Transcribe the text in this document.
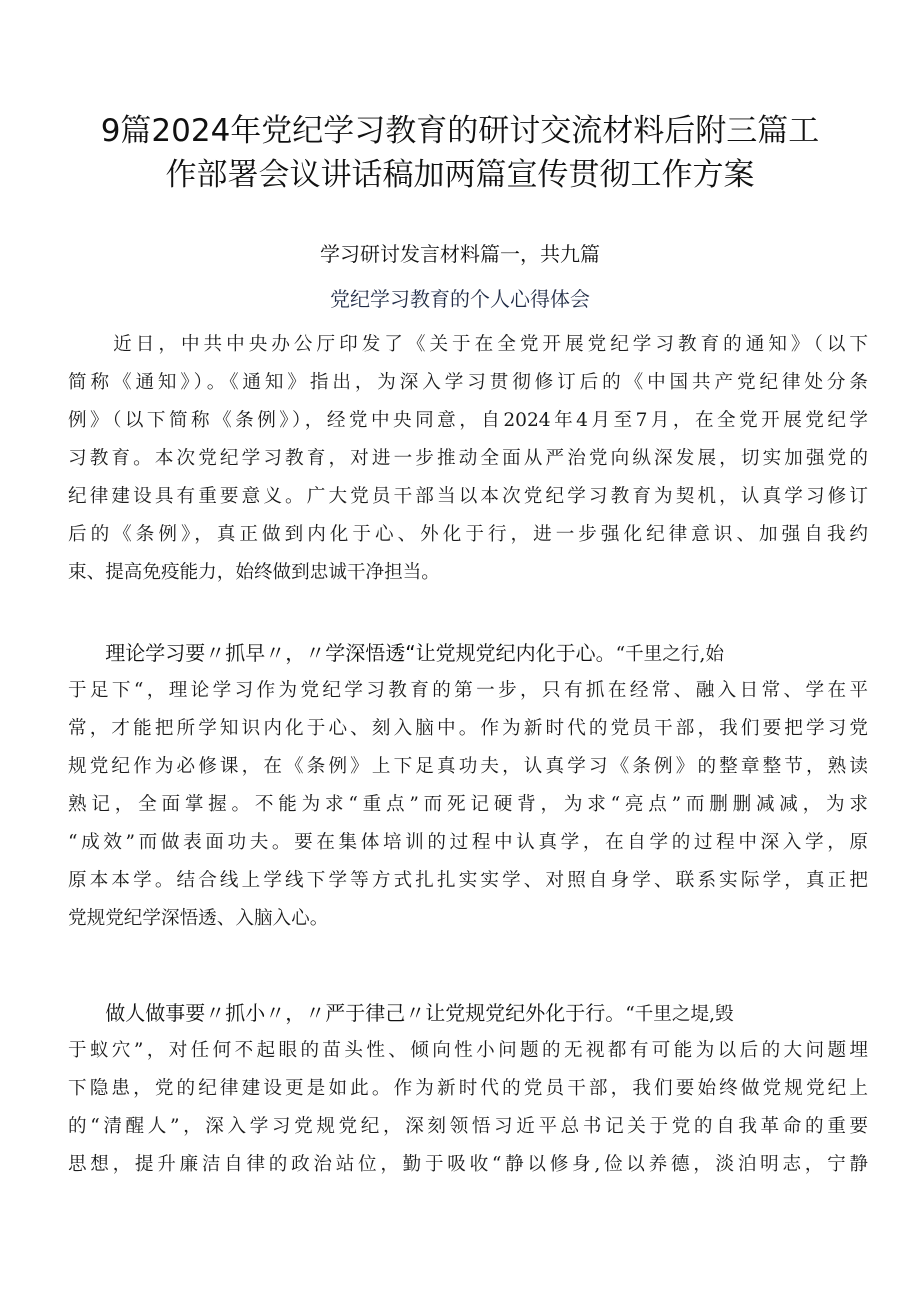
9篇2024年党纪学习教育的研讨交流材料后附三篇工
作部署会议讲话稿加两篇宣传贯彻工作方案
学习研讨发言材料篇一，共九篇
党纪学习教育的个人心得体会
　　近日，中共中央办公厅印发了《关于在全党开展党纪学习教育的通知》（以下
简称《通知》）。《通知》指出，为深入学习贯彻修订后的《中国共产党纪律处分条
例》（以下简称《条例》），经党中央同意，自2024年4月至7月，在全党开展党纪学
习教育。本次党纪学习教育，对进一步推动全面从严治党向纵深发展，切实加强党的
纪律建设具有重要意义。广大党员干部当以本次党纪学习教育为契机，认真学习修订
后的《条例》，真正做到内化于心、外化于行，进一步强化纪律意识、加强自我约
束、提高免疫能力，始终做到忠诚干净担当。
　　理论学习要〃抓早〃，〃学深悟透“让党规党纪内化于心。“千里之行,始
于足下“，理论学习作为党纪学习教育的第一步，只有抓在经常、融入日常、学在平
常，才能把所学知识内化于心、刻入脑中。作为新时代的党员干部，我们要把学习党
规党纪作为必修课，在《条例》上下足真功夫，认真学习《条例》的整章整节，熟读
熟记，全面掌握。不能为求“重点”而死记硬背，为求“亮点”而删删减减，为求
“成效”而做表面功夫。要在集体培训的过程中认真学，在自学的过程中深入学，原
原本本学。结合线上学线下学等方式扎扎实实学、对照自身学、联系实际学，真正把
党规党纪学深悟透、入脑入心。
　　做人做事要〃抓小〃，〃严于律己〃让党规党纪外化于行。“千里之堤,毁
于蚁穴”，对任何不起眼的苗头性、倾向性小问题的无视都有可能为以后的大问题埋
下隐患，党的纪律建设更是如此。作为新时代的党员干部，我们要始终做党规党纪上
的“清醒人”，深入学习党规党纪，深刻领悟习近平总书记关于党的自我革命的重要
思想，提升廉洁自律的政治站位，勤于吸收“静以修身,俭以养德，淡泊明志，宁静
